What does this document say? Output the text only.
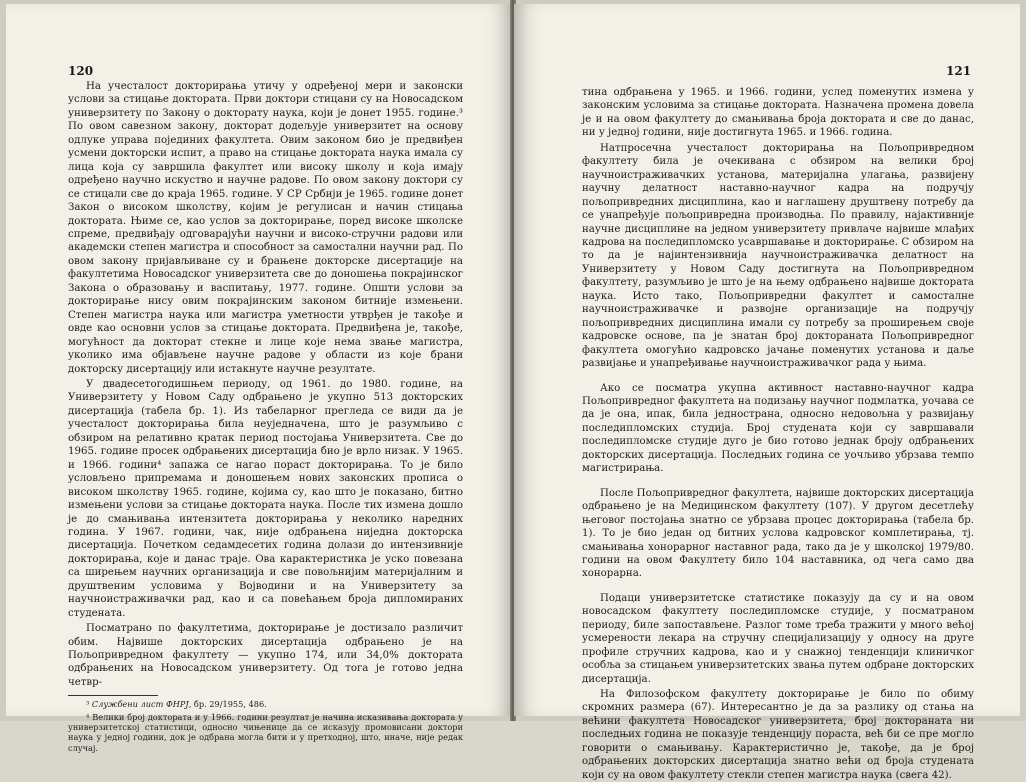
120

На учесталост докторирања утичу у одређеној мери и законски услови за стицање доктората. Први доктори стицани су на Новосадском универзитету по Закону о докторату наука, који је донет 1955. године.³ По овом савезном закону, докторат додељује универзитет на основу одлуке управа појединих факултета. Овим законом био је предвиђен усмени докторски испит, а право на стицање доктората наука имала су лица која су завршила факултет или високу школу и која имају одређено научно искуство и научне радове. По овом закону доктори су се стицали све до краја 1965. године. У СР Србији је 1965. године донет Закон о високом школству, којим је регулисан и начин стицања доктората. Њиме се, као услов за докторирање, поред високе школске спреме, предвиђају одговарајући научни и високо-стручни радови или академски степен магистра и способност за самостални научни рад. По овом закону пријављиване су и брањене докторске дисертације на факултетима Новосадског универзитета све до доношења покрајинског Закона о образовању и васпитању, 1977. године. Општи услови за докторирање нису овим покрајинским законом битније измењени. Степен магистра наука или магистра уметности утврђен је такође и овде као основни услов за стицање доктората. Предвиђена је, такође, могућност да докторат стекне и лице које нема звање магистра, уколико има објављене научне радове у области из које брани докторску дисертацију или истакнуте научне резултате.

У двадесетогодишњем периоду, од 1961. до 1980. године, на Универзитету у Новом Саду одбрањено је укупно 513 докторских дисертација (табела бр. 1). Из табеларног прегледа се види да је учесталост докторирања била неуједначена, што је разумљиво с обзиром на релативно кратак период постојања Универзитета. Све до 1965. године просек одбрањених дисертација био је врло низак. У 1965. и 1966. години⁴ запажа се нагао пораст докторирања. То је било условљено припремама и доношењем нових законских прописа о високом школству 1965. године, којима су, као што је показано, битно измењени услови за стицање доктората наука. После тих измена дошло је до смањивања интензитета докторирања у неколико наредних година. У 1967. години, чак, није одбрањена ниједна докторска дисертација. Почетком седамдесетих година долази до интензивније докторирања, које и данас траје. Ова карактеристика је уско повезана са ширењем научних организација и све повољнијим материјалним и друштвеним условима у Војводини и на Универзитету за научноистраживачки рад, као и са повећањем броја дипломираних студената.

Посматрано по факултетима, докторирање је достизало различит обим. Највише докторских дисертација одбрањено је на Пољопривредном факултету — укупно 174, или 34,0% доктората одбрањених на Новосадском универзитету. Од тога је готово једна четвр-

³ Службени лист ФНРЈ, бр. 29/1955, 486.

⁴ Велики број доктората и у 1966. години резултат је начина исказивања доктората у универзитетској статистици, односно чињенице да се исказују промовисани доктори наука у једној години, док је одбрана могла бити и у претходној, што, иначе, није редак случај.

121

тина одбрањена у 1965. и 1966. години, услед поменутих измена у законским условима за стицање доктората. Назначена промена довела је и на овом факултету до смањивања броја доктората и све до данас, ни у једној години, није достигнута 1965. и 1966. година.

Натпросечна учесталост докторирања на Пољопривредном факултету била је очекивана с обзиром на велики број научноистраживачких установа, материјална улагања, развијену научну делатност наставно-научног кадра на подручју пољопривредних дисциплина, као и наглашену друштвену потребу да се унапређује пољопривредна производња. По правилу, најактивније научне дисциплине на једном универзитету привлаче највише млађих кадрова на последипломско усавршавање и докторирање. С обзиром на то да је најинтензивнија научноистраживачка делатност на Универзитету у Новом Саду достигнута на Пољопривредном факултету, разумљиво је што је на њему одбрањено највише доктората наука. Исто тако, Пољопривредни факултет и самосталне научноистраживачке и развојне организације на подручју пољопривредних дисциплина имали су потребу за проширењем своје кадровске основе, па је знатан број докторанатa Пољопривредног факултета омогућио кадровско јачање поменутих установа и даље развијање и унапређивање научноистраживачког рада у њима.

Ако се посматра укупна активност наставно-научног кадра Пољопривредног факултета на подизању научног подмлатка, уочава се да је она, ипак, била једнострана, односно недовољна у развијању последипломских студија. Број студената који су завршавали последипломске студије дуго је био готово једнак броју одбрањених докторских дисертација. Последњих година се уочљиво убрзава темпо магистрирања.

После Пољопривредног факултета, највише докторских дисертација одбрањено је на Медицинском факултету (107). У другом десетлећу његовог постојања знатно се убрзава процес докторирања (табела бр. 1). То је био један од битних услова кадровског комплетирања, тј. смањивања хонорарног наставног рада, тако да је у школској 1979/80. години на овом Факултету било 104 наставника, од чега само два хонорарна.

Подаци универзитетске статистике показују да су и на овом новосадском факултету последипломске студије, у посматраном периоду, биле запостављене. Разлог томе треба тражити у много већој усмерености лекара на стручну специјализацију у односу на друге профиле стручних кадрова, као и у снажној тенденцији клиничког особља за стицањем универзитетских звања путем одбране докторских дисертација.

На Филозофском факултету докторирање је било по обиму скромних размера (67). Интересантно је да за разлику од стања на већини факултета Новосадског универзитета, број докторанатa ни последњих година не показује тенденцију пораста, већ би се пре могло говорити о смањивању. Карактеристично је, такође, да је број одбрањених докторских дисертација знатно већи од броја студената који су на овом факултету стекли степен магистра наука (свега 42).
